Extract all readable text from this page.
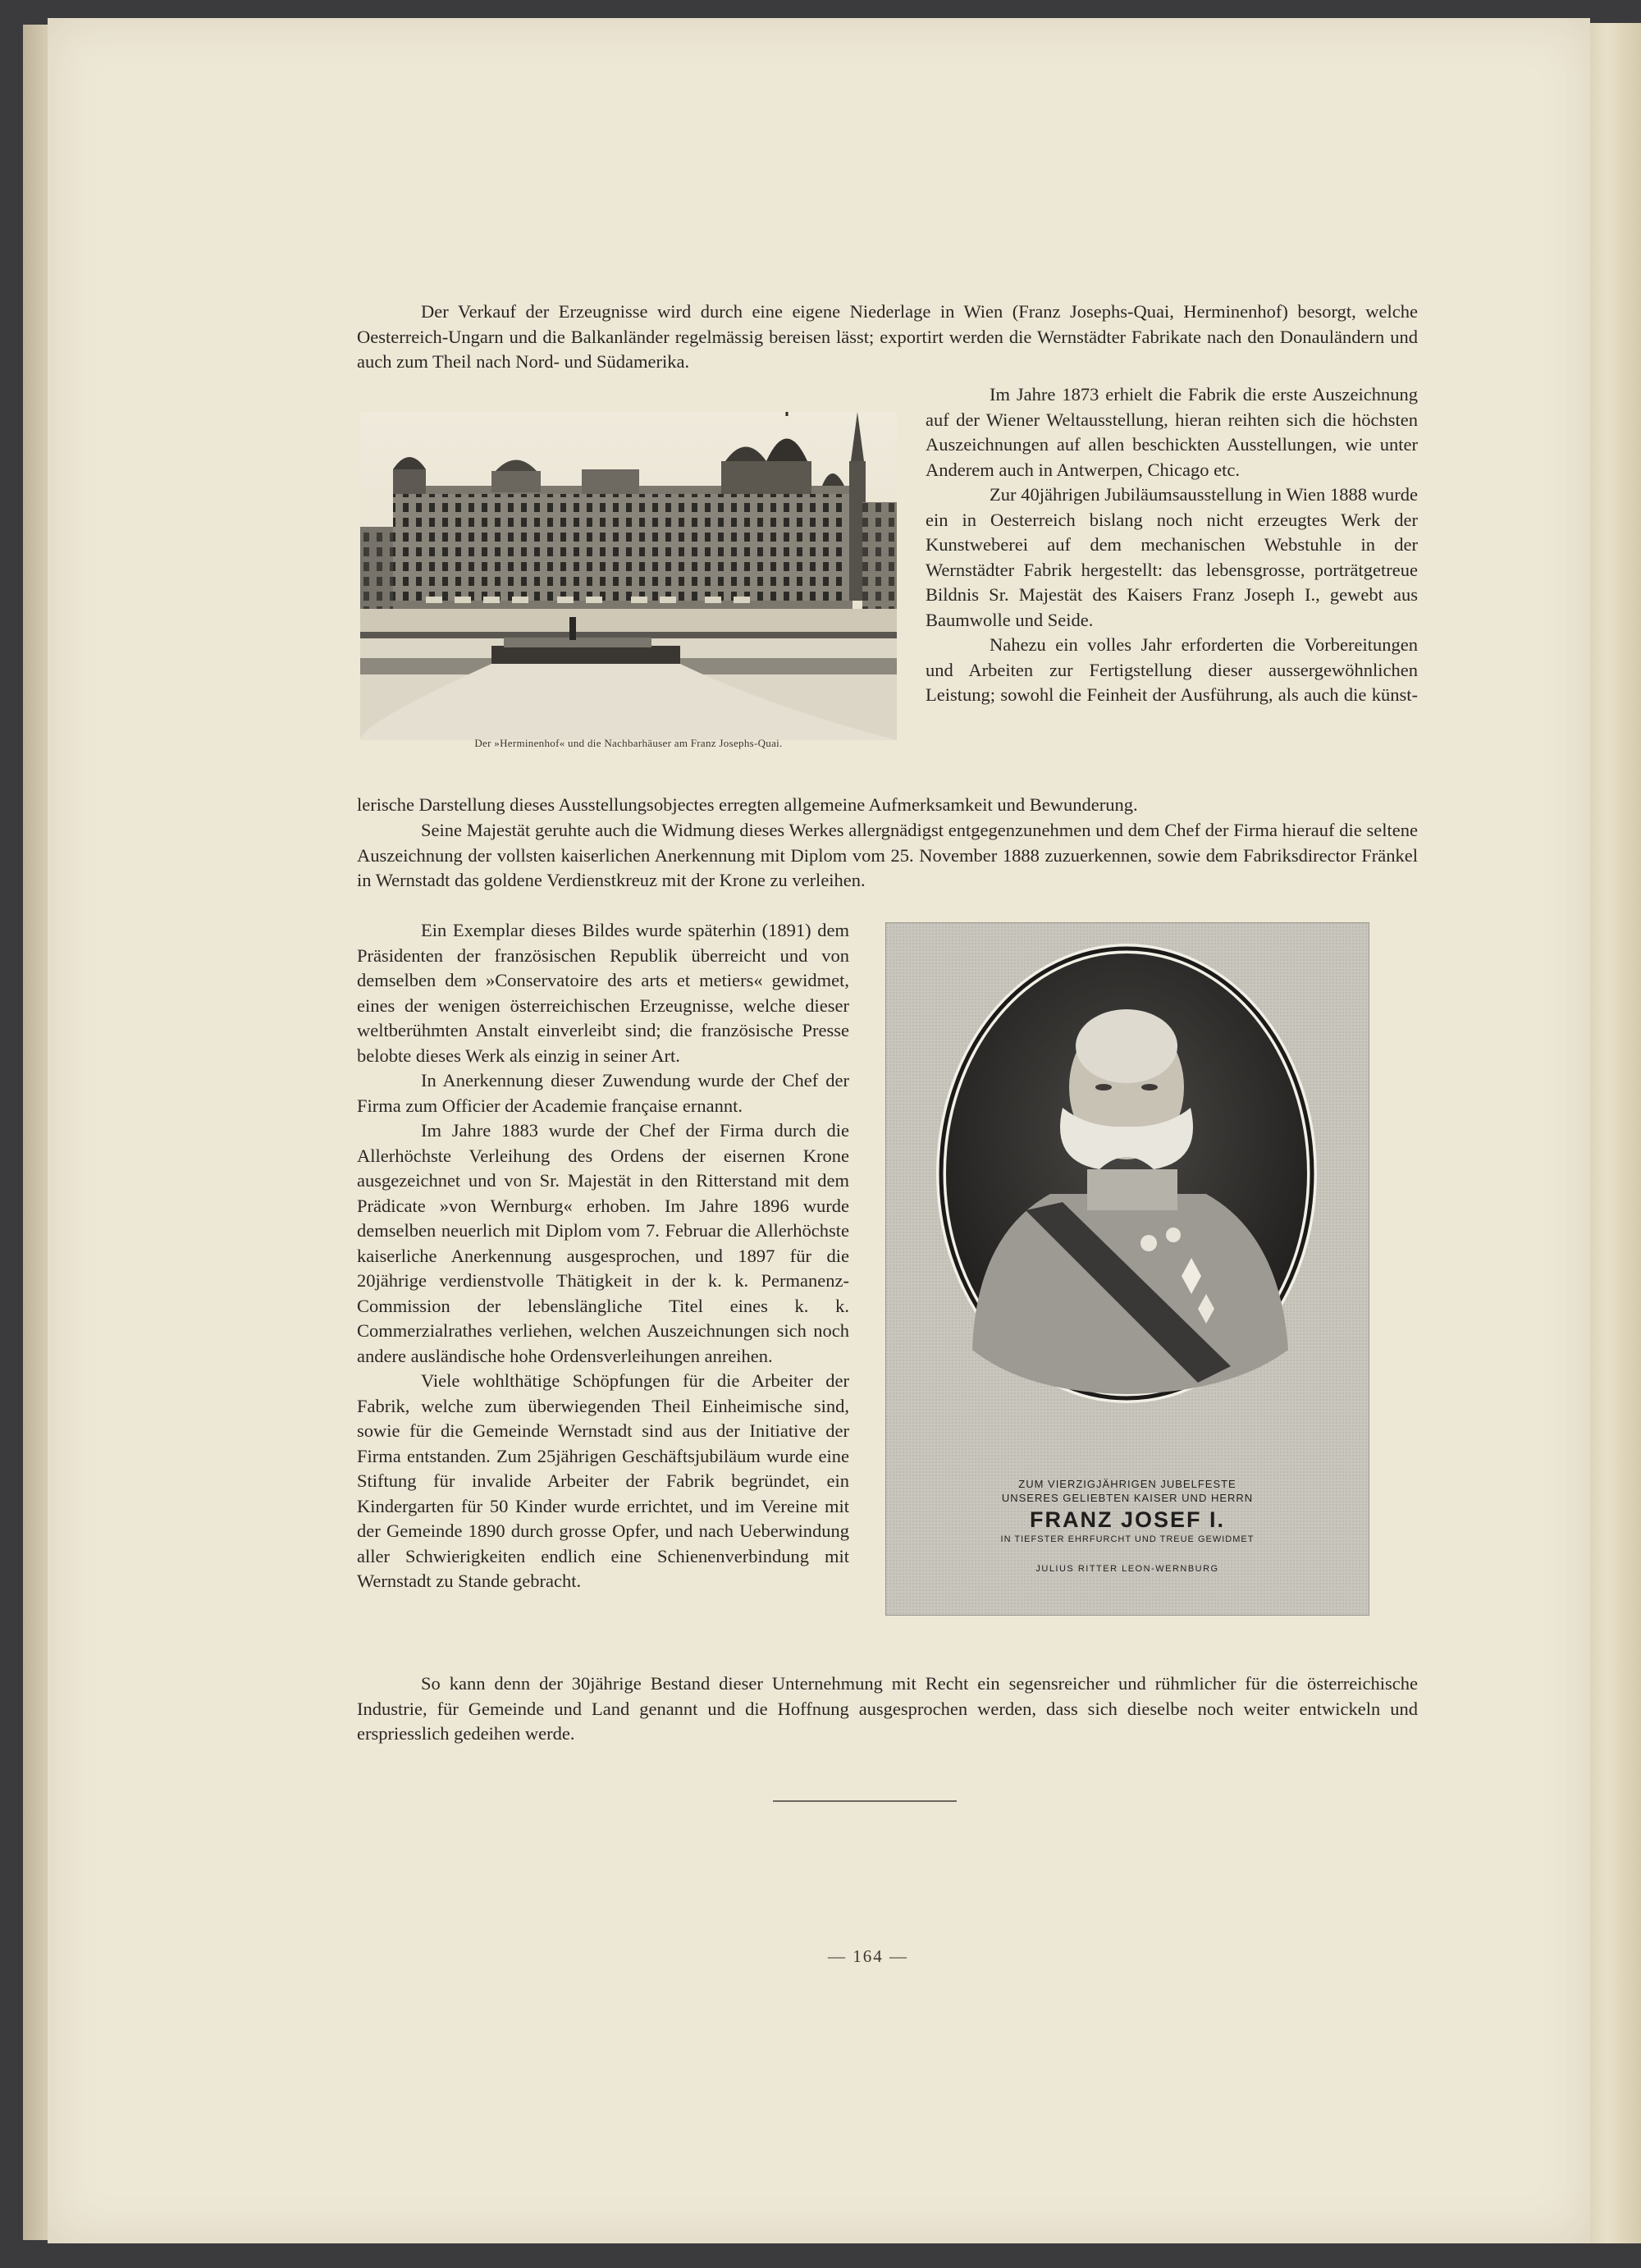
Der Verkauf der Erzeugnisse wird durch eine eigene Niederlage in Wien (Franz Josephs-Quai, Herminenhof) besorgt, welche Oesterreich-Ungarn und die Balkanländer regelmässig bereisen lässt; exportirt werden die Wernstädter Fabrikate nach den Donauländern und auch zum Theil nach Nord- und Südamerika.

Der »Herminenhof« und die Nachbarhäuser am Franz Josephs-Quai.

Im Jahre 1873 erhielt die Fabrik die erste Auszeichnung auf der Wiener Weltausstellung, hieran reihten sich die höchsten Auszeichnungen auf allen beschickten Ausstellungen, wie unter Anderem auch in Antwerpen, Chicago etc.

Zur 40jährigen Jubiläumsausstellung in Wien 1888 wurde ein in Oesterreich bislang noch nicht erzeugtes Werk der Kunstweberei auf dem mechanischen Webstuhle in der Wernstädter Fabrik hergestellt: das lebensgrosse, porträtgetreue Bildnis Sr. Majestät des Kaisers Franz Joseph I., gewebt aus Baumwolle und Seide.

Nahezu ein volles Jahr erforderten die Vorbereitungen und Arbeiten zur Fertigstellung dieser aussergewöhnlichen Leistung; sowohl die Feinheit der Ausführung, als auch die künst-

lerische Darstellung dieses Ausstellungsobjectes erregten allgemeine Aufmerksamkeit und Bewunderung.

Seine Majestät geruhte auch die Widmung dieses Werkes allergnädigst entgegenzunehmen und dem Chef der Firma hierauf die seltene Auszeichnung der vollsten kaiserlichen Anerkennung mit Diplom vom 25. November 1888 zuzuerkennen, sowie dem Fabriksdirector Fränkel in Wernstadt das goldene Verdienstkreuz mit der Krone zu verleihen.

Ein Exemplar dieses Bildes wurde späterhin (1891) dem Präsidenten der französischen Republik überreicht und von demselben dem »Conservatoire des arts et metiers« gewidmet, eines der wenigen österreichischen Erzeugnisse, welche dieser weltberühmten Anstalt einverleibt sind; die französische Presse belobte dieses Werk als einzig in seiner Art.

In Anerkennung dieser Zuwendung wurde der Chef der Firma zum Officier der Academie française ernannt.

Im Jahre 1883 wurde der Chef der Firma durch die Allerhöchste Verleihung des Ordens der eisernen Krone ausgezeichnet und von Sr. Majestät in den Ritterstand mit dem Prädicate »von Wernburg« erhoben. Im Jahre 1896 wurde demselben neuerlich mit Diplom vom 7. Februar die Allerhöchste kaiserliche Anerkennung ausgesprochen, und 1897 für die 20jährige verdienstvolle Thätigkeit in der k. k. Permanenz-Commission der lebenslängliche Titel eines k. k. Commerzialrathes verliehen, welchen Auszeichnungen sich noch andere ausländische hohe Ordensverleihungen anreihen.

Viele wohlthätige Schöpfungen für die Arbeiter der Fabrik, welche zum überwiegenden Theil Einheimische sind, sowie für die Gemeinde Wernstadt sind aus der Initiative der Firma entstanden. Zum 25jährigen Geschäftsjubiläum wurde eine Stiftung für invalide Arbeiter der Fabrik begründet, ein Kindergarten für 50 Kinder wurde errichtet, und im Vereine mit der Gemeinde 1890 durch grosse Opfer, und nach Ueberwindung aller Schwierigkeiten endlich eine Schienenverbindung mit Wernstadt zu Stande gebracht.

ZUM VIERZIGJÄHRIGEN JUBELFESTE
UNSERES GELIEBTEN KAISER UND HERRN
FRANZ JOSEF I.
IN TIEFSTER EHRFURCHT UND TREUE GEWIDMET
JULIUS RITTER LEON-WERNBURG

So kann denn der 30jährige Bestand dieser Unternehmung mit Recht ein segensreicher und rühmlicher für die österreichische Industrie, für Gemeinde und Land genannt und die Hoffnung ausgesprochen werden, dass sich dieselbe noch weiter entwickeln und erspriesslich gedeihen werde.

— 164 —
